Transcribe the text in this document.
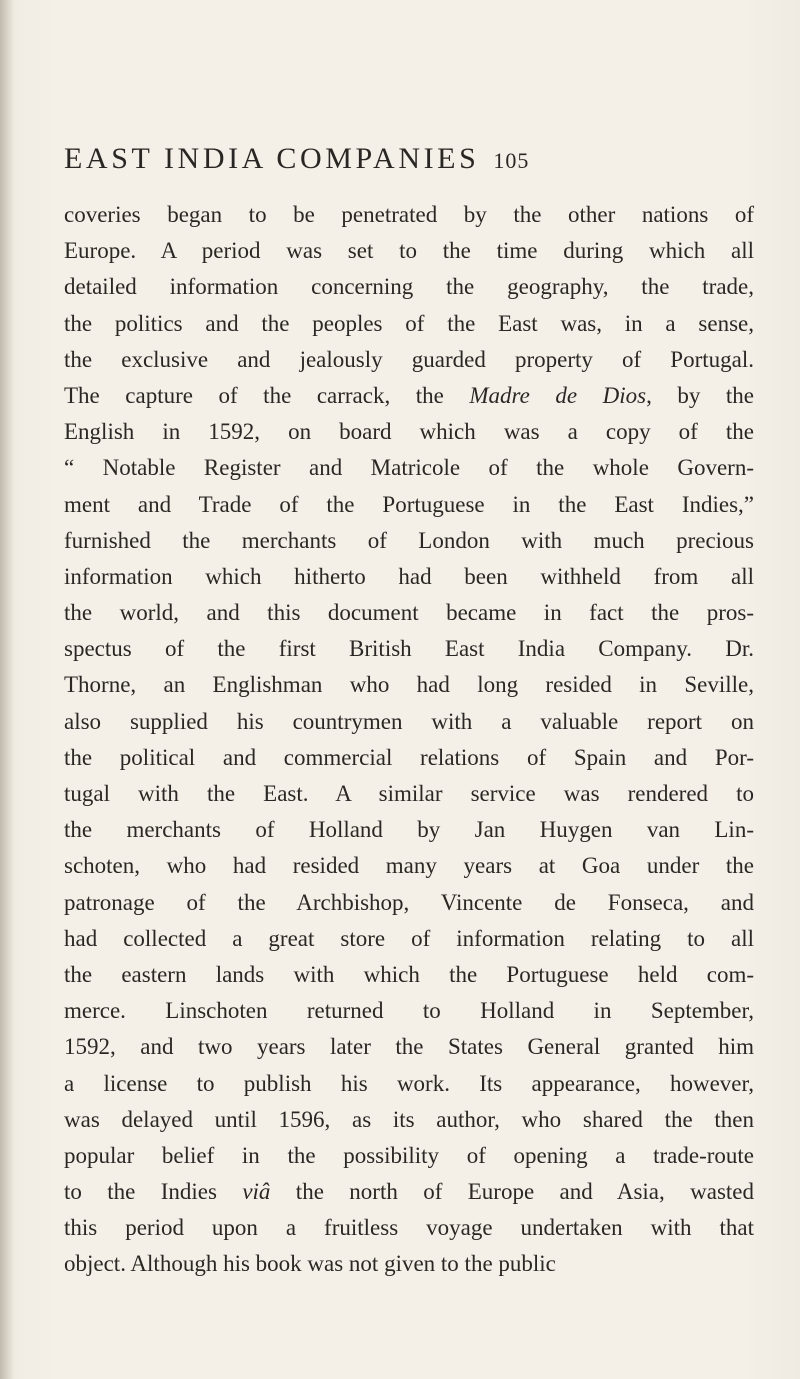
EAST INDIA COMPANIES 105
coveries began to be penetrated by the other nations of
Europe. A period was set to the time during which all
detailed information concerning the geography, the trade,
the politics and the peoples of the East was, in a sense,
the exclusive and jealously guarded property of Portugal.
The capture of the carrack, the Madre de Dios, by the
English in 1592, on board which was a copy of the
“ Notable Register and Matricole of the whole Govern-
ment and Trade of the Portuguese in the East Indies,”
furnished the merchants of London with much precious
information which hitherto had been withheld from all
the world, and this document became in fact the pros-
spectus of the first British East India Company. Dr.
Thorne, an Englishman who had long resided in Seville,
also supplied his countrymen with a valuable report on
the political and commercial relations of Spain and Por-
tugal with the East. A similar service was rendered to
the merchants of Holland by Jan Huygen van Lin-
schoten, who had resided many years at Goa under the
patronage of the Archbishop, Vincente de Fonseca, and
had collected a great store of information relating to all
the eastern lands with which the Portuguese held com-
merce. Linschoten returned to Holland in September,
1592, and two years later the States General granted him
a license to publish his work. Its appearance, however,
was delayed until 1596, as its author, who shared the then
popular belief in the possibility of opening a trade-route
to the Indies viâ the north of Europe and Asia, wasted
this period upon a fruitless voyage undertaken with that
object. Although his book was not given to the public
